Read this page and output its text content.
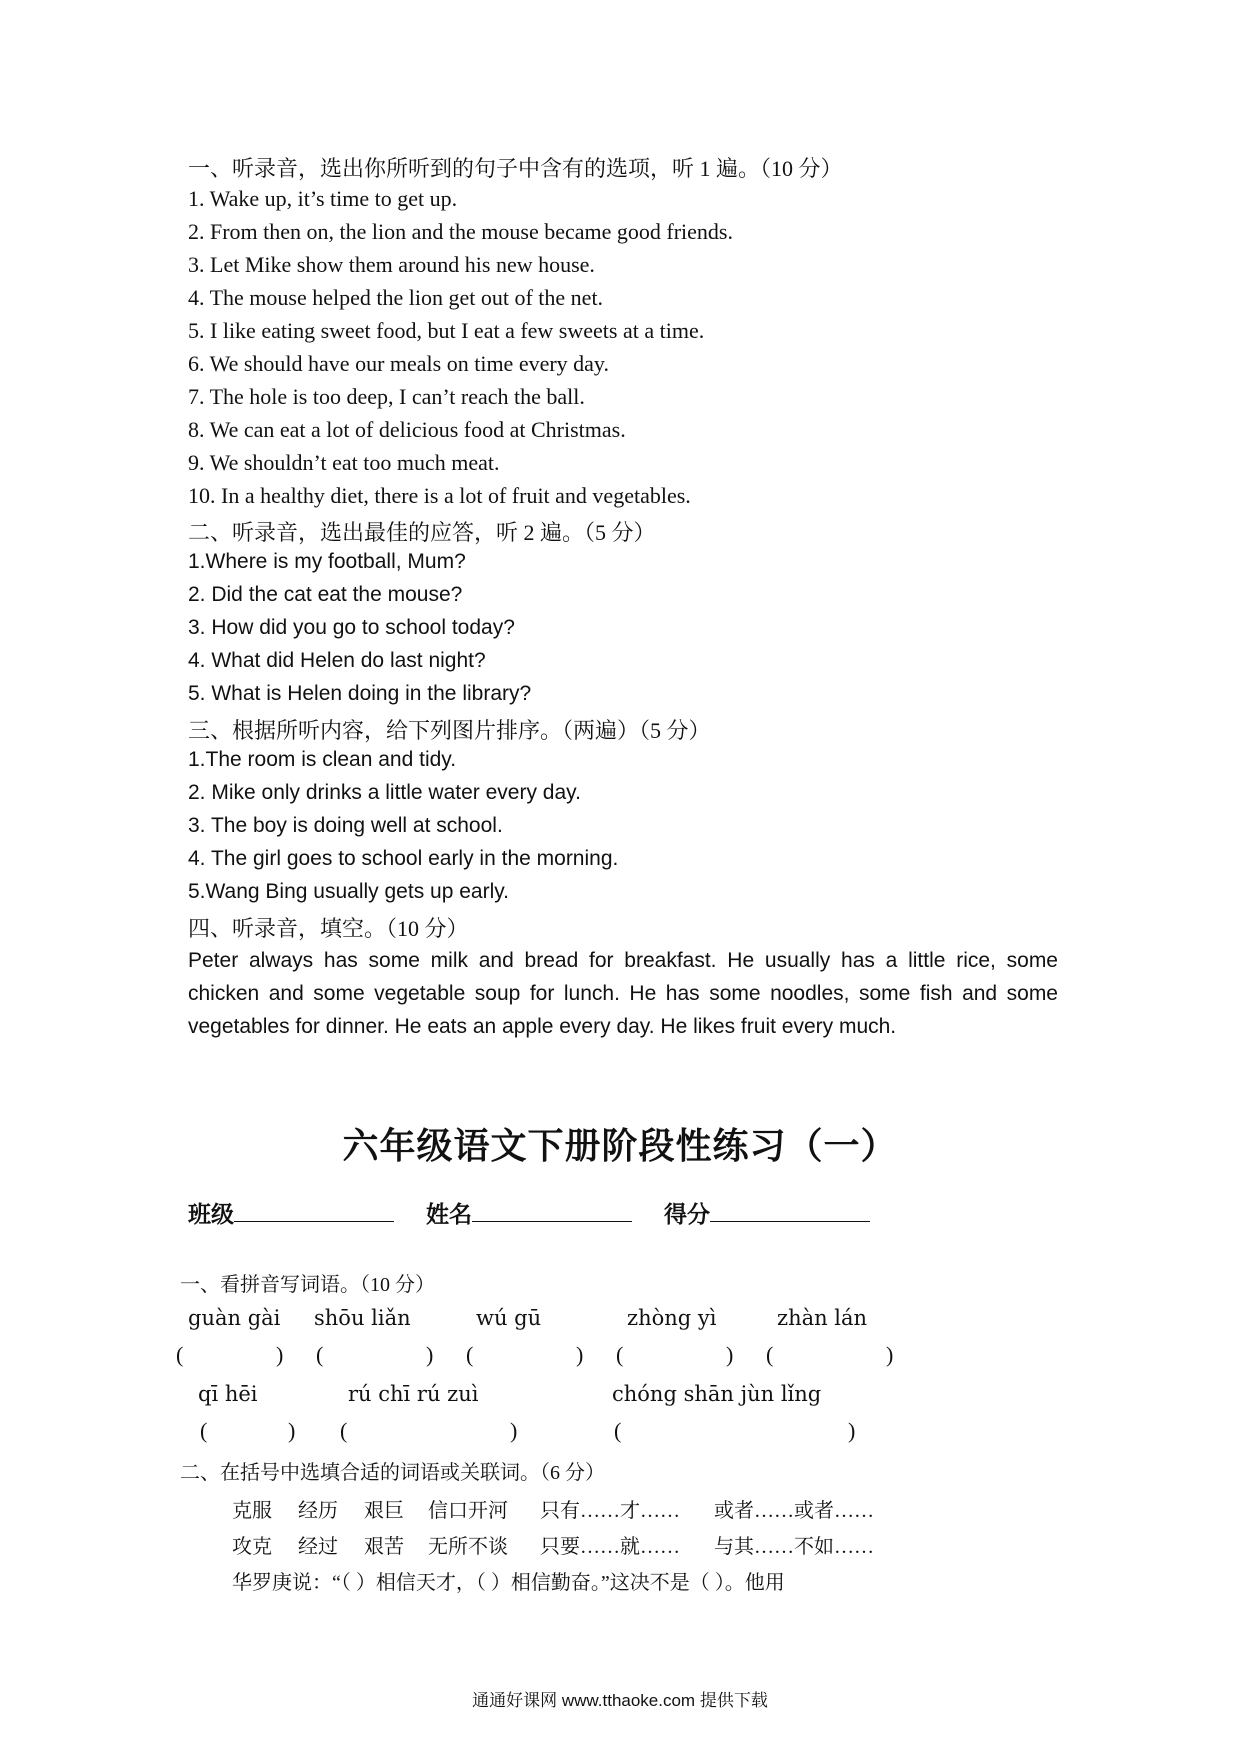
一、听录音，选出你所听到的句子中含有的选项，听 1 遍。（10 分）
1. Wake up, it’s time to get up.
2. From then on, the lion and the mouse became good friends.
3. Let Mike show them around his new house.
4. The mouse helped the lion get out of the net.
5. I like eating sweet food, but I eat a few sweets at a time.
6. We should have our meals on time every day.
7. The hole is too deep, I can’t reach the ball.
8. We can eat a lot of delicious food at Christmas.
9. We shouldn’t eat too much meat.
10. In a healthy diet, there is a lot of fruit and vegetables.
二、听录音，选出最佳的应答，听 2 遍。（5 分）
1.Where is my football, Mum?
2. Did the cat eat the mouse?
3. How did you go to school today?
4. What did Helen do last night?
5. What is Helen doing in the library?
三、根据所听内容，给下列图片排序。（两遍）（5 分）
1.The room is clean and tidy.
2. Mike only drinks a little water every day.
3. The boy is doing well at school.
4. The girl goes to school early in the morning.
5.Wang Bing usually gets up early.
四、听录音，填空。（10 分）
Peter always has some milk and bread for breakfast. He usually has a little rice, some chicken and some vegetable soup for lunch. He has some noodles, some fish and some vegetables for dinner. He eats an apple every day. He likes fruit every much.
六年级语文下册阶段性练习（一）
班级	姓名	得分
一、看拼音写词语。（10 分）
guàn gài shōu liǎn	wú gū	zhòng yì	zhàn lán
(	) (	) (	) (	) (	)
qī hēi	rú chī rú zuì	chóng shān jùn lǐng
(	) (	)	(	)
二、在括号中选填合适的词语或关联词。（6 分）
克服 经历 艰巨 信口开河 只有……才…… 或者……或者……
攻克 经过 艰苦 无所不谈 只要……就…… 与其……不如……
华罗庚说：“（ ）相信天才，（ ）相信勤奋。”这决不是（ ）。他用
通通好课网 www.tthaoke.com 提供下载
